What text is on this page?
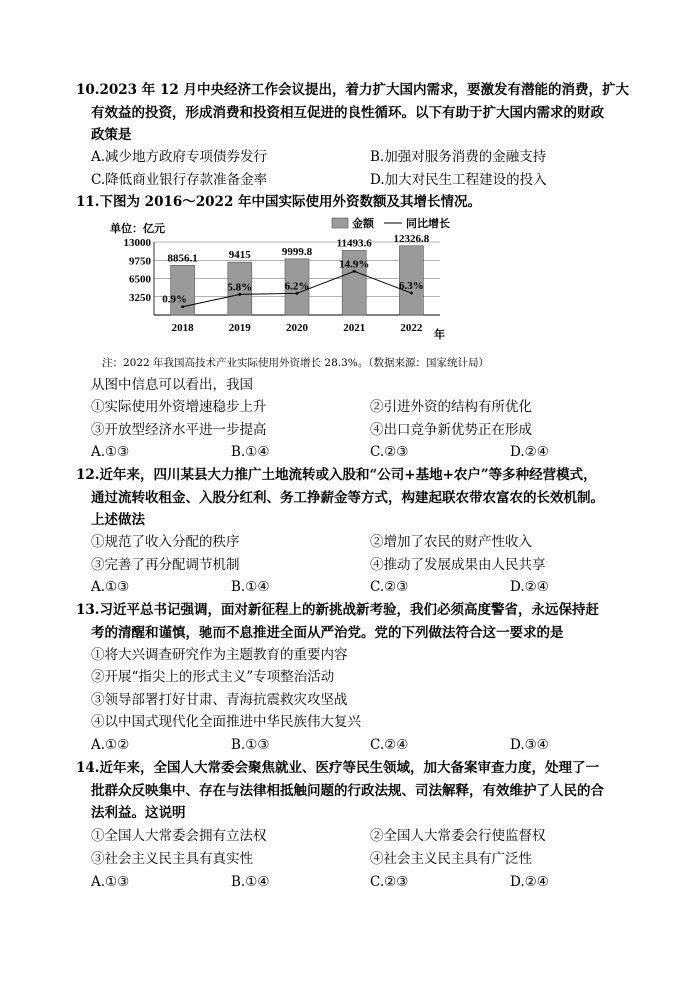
10.2023 年 12 月中央经济工作会议提出，着力扩大国内需求，要激发有潜能的消费，扩大
有效益的投资，形成消费和投资相互促进的良性循环。以下有助于扩大国内需求的财政
政策是
A.减少地方政府专项债券发行	B.加强对服务消费的金融支持
C.降低商业银行存款准备金率	D.加大对民生工程建设的投入
11.下图为 2016～2022 年中国实际使用外资数额及其增长情况。
3250
6500
9750
13000
8856.1
2018
9415
2019
9999.8
2020
11493.6
2021
12326.8
2022
0.9%
5.8%	6.2%
14.9%
6.3%
单位：亿元	金额	同比增长
年
注：2022 年我国高技术产业实际使用外资增长 28.3%。（数据来源：国家统计局）
从图中信息可以看出，我国
①实际使用外资增速稳步上升	②引进外资的结构有所优化
③开放型经济水平进一步提高	④出口竞争新优势正在形成
A.①③	B.①④	C.②③	D.②④
12.近年来，四川某县大力推广土地流转或入股和“公司+基地+农户”等多种经营模式，
通过流转收租金、入股分红利、务工挣薪金等方式，构建起联农带农富农的长效机制。
上述做法
①规范了收入分配的秩序	②增加了农民的财产性收入
③完善了再分配调节机制	④推动了发展成果由人民共享
A.①③	B.①④	C.②③	D.②④
13.习近平总书记强调，面对新征程上的新挑战新考验，我们必须高度警省，永远保持赶
考的清醒和谨慎，驰而不息推进全面从严治党。党的下列做法符合这一要求的是
①将大兴调查研究作为主题教育的重要内容
②开展“指尖上的形式主义”专项整治活动
③领导部署打好甘肃、青海抗震救灾攻坚战
④以中国式现代化全面推进中华民族伟大复兴
A.①②	B.①③	C.②④	D.③④
14.近年来，全国人大常委会聚焦就业、医疗等民生领域，加大备案审查力度，处理了一
批群众反映集中、存在与法律相抵触问题的行政法规、司法解释，有效维护了人民的合
法利益。这说明
①全国人大常委会拥有立法权	②全国人大常委会行使监督权
③社会主义民主具有真实性	④社会主义民主具有广泛性
A.①③	B.①④	C.②③	D.②④
